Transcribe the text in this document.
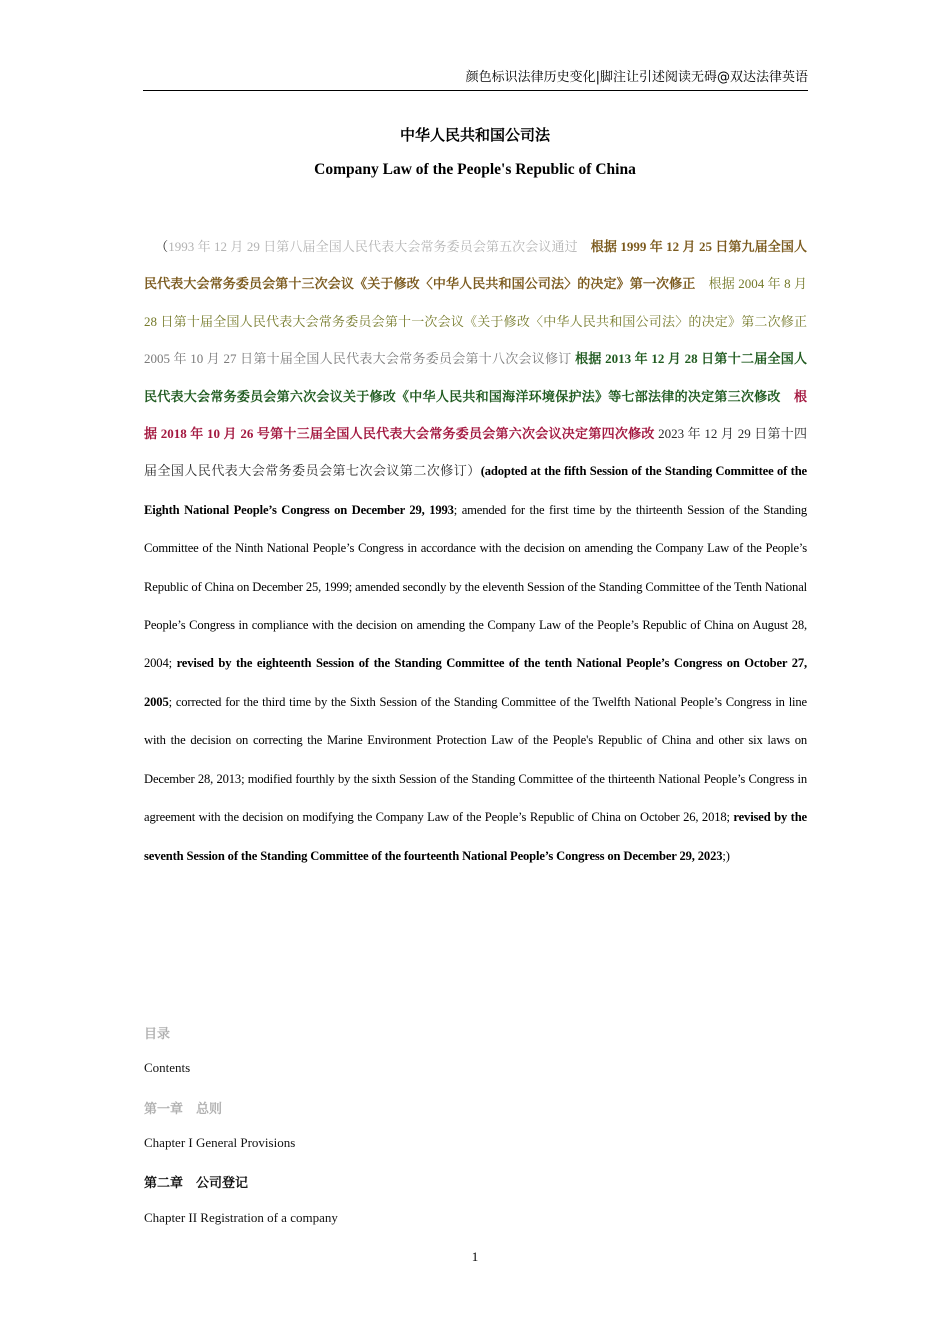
颜色标识法律历史变化|脚注让引述阅读无碍@双达法律英语
中华人民共和国公司法
Company Law of the People's Republic of China
（1993 年 12 月 29 日第八届全国人民代表大会常务委员会第五次会议通过　 根据 1999 年 12 月 25 日第九届全国人民代表大会常务委员会第十三次会议《关于修改〈中华人民共和国公司法〉的决定》第一次修正　 根据 2004 年 8 月 28 日第十届全国人民代表大会常务委员会第十一次会议《关于修改〈中华人民共和国公司法〉的决定》第二次修正　2005 年 10 月 27 日第十届全国人民代表大会常务委员会第十八次会议修订 根据 2013 年 12 月 28 日第十二届全国人民代表大会常务委员会第六次会议关于修改《中华人民共和国海洋环境保护法》等七部法律的决定第三次修改　 根据 2018 年 10 月 26 号第十三届全国人民代表大会常务委员会第六次会议决定第四次修改 2023 年 12 月 29 日第十四届全国人民代表大会常务委员会第七次会议第二次修订）(adopted at the fifth Session of the Standing Committee of the Eighth National People’s Congress on December 29, 1993; amended for the first time by the thirteenth Session of the Standing Committee of the Ninth National People’s Congress in accordance with the decision on amending the Company Law of the People’s Republic of China on December 25, 1999; amended secondly by the eleventh Session of the Standing Committee of the Tenth National People’s Congress in compliance with the decision on amending the Company Law of the People’s Republic of China on August 28, 2004; revised by the eighteenth Session of the Standing Committee of the tenth National People’s Congress on October 27, 2005; corrected for the third time by the Sixth Session of the Standing Committee of the Twelfth National People’s Congress in line with the decision on correcting the Marine Environment Protection Law of the People's Republic of China and other six laws on December 28, 2013; modified fourthly by the sixth Session of the Standing Committee of the thirteenth National People’s Congress in agreement with the decision on modifying the Company Law of the People’s Republic of China on October 26, 2018; revised by the seventh Session of the Standing Committee of the fourteenth National People’s Congress on December 29, 2023;)
目录
Contents
第一章　总则
Chapter I General Provisions
第二章　公司登记
Chapter II Registration of a company
1
